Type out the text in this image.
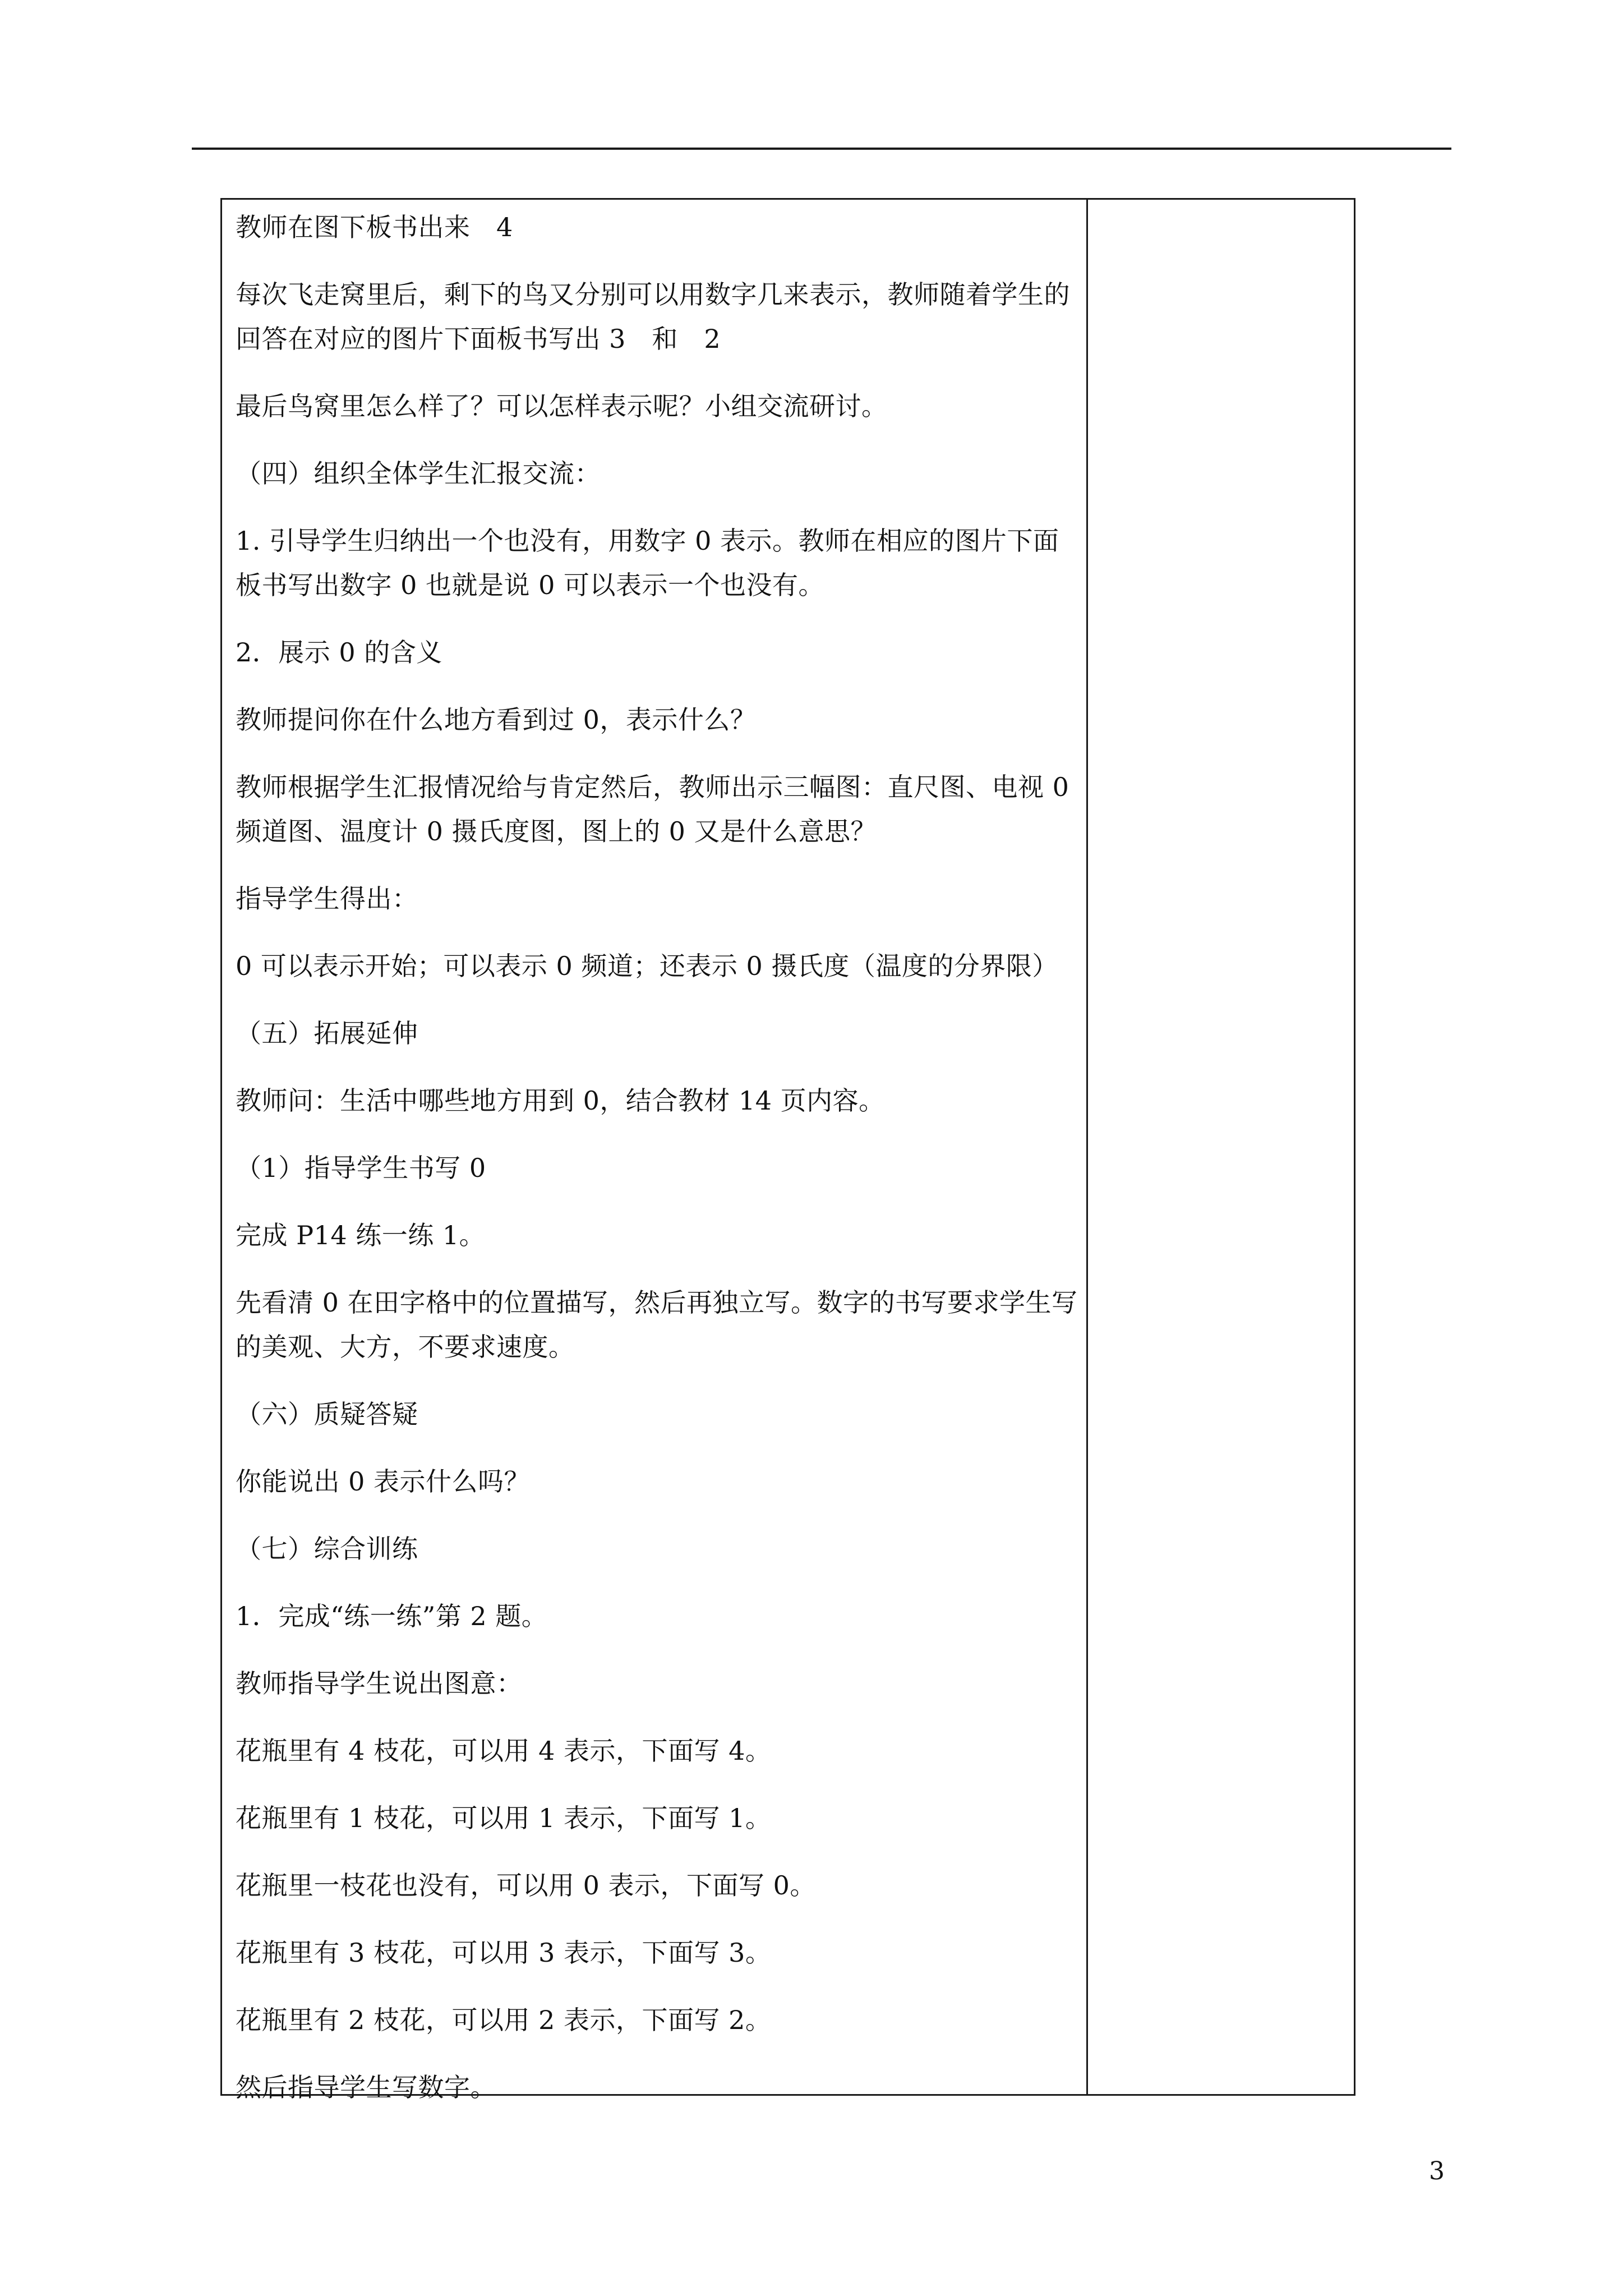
教师在图下板书出来　4

每次飞走窝里后，剩下的鸟又分别可以用数字几来表示，教师随着学生的回答在对应的图片下面板书写出 3　和　2

最后鸟窝里怎么样了？可以怎样表示呢？小组交流研讨。

（四）组织全体学生汇报交流：

1. 引导学生归纳出一个也没有，用数字 0 表示。教师在相应的图片下面板书写出数字 0 也就是说 0 可以表示一个也没有。

2．展示 0 的含义

教师提问你在什么地方看到过 0，表示什么？

教师根据学生汇报情况给与肯定然后，教师出示三幅图：直尺图、电视 0 频道图、温度计 0 摄氏度图，图上的 0 又是什么意思？

指导学生得出：

0 可以表示开始；可以表示 0 频道；还表示 0 摄氏度（温度的分界限）

（五）拓展延伸

教师问：生活中哪些地方用到 0，结合教材 14 页内容。

（1）指导学生书写 0

完成 P14 练一练 1。

先看清 0 在田字格中的位置描写，然后再独立写。数字的书写要求学生写的美观、大方，不要求速度。

（六）质疑答疑

你能说出 0 表示什么吗？

（七）综合训练

1．完成“练一练”第 2 题。

教师指导学生说出图意：

花瓶里有 4 枝花，可以用 4 表示，下面写 4。

花瓶里有 1 枝花，可以用 1 表示，下面写 1。

花瓶里一枝花也没有，可以用 0 表示，下面写 0。

花瓶里有 3 枝花，可以用 3 表示，下面写 3。

花瓶里有 2 枝花，可以用 2 表示，下面写 2。

然后指导学生写数字。

3
